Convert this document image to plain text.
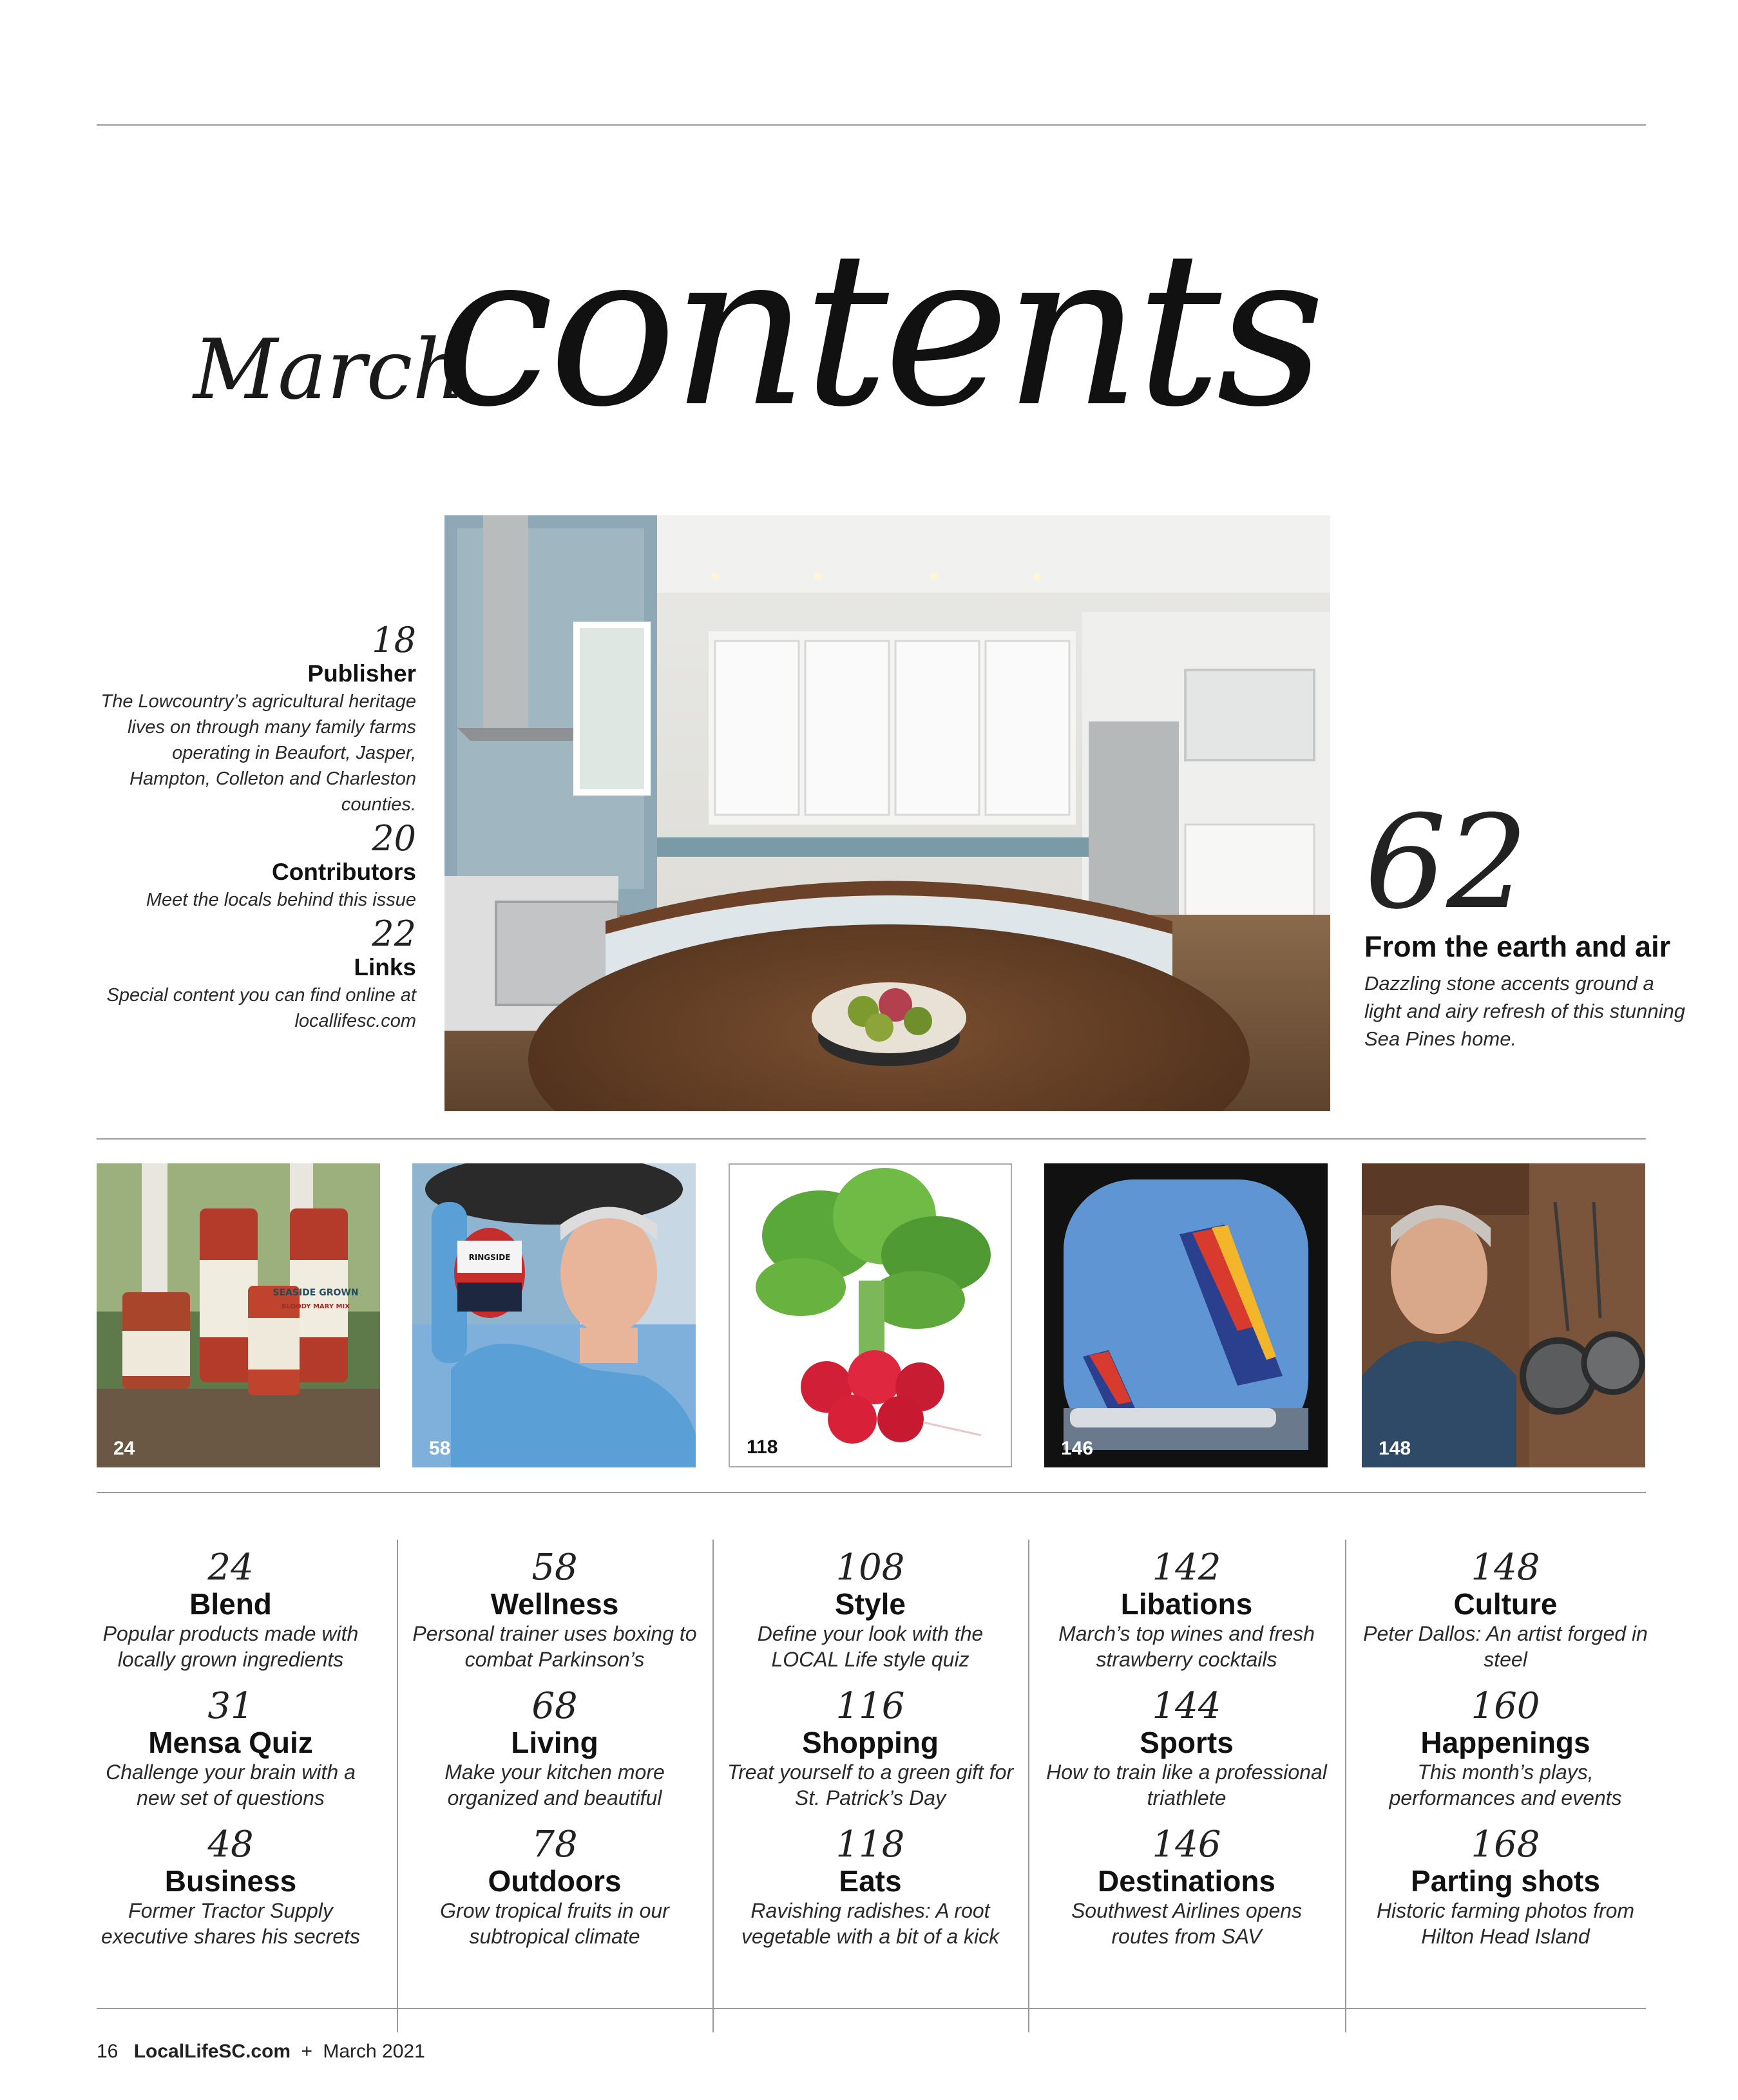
March
contents
18
Publisher
The Lowcountry’s agricultural heritage lives on through many family farms operating in Beaufort, Jasper, Hampton, Colleton and Charleston counties.
20
Contributors
Meet the locals behind this issue
22
Links
Special content you can find online at locallifesc.com
62
From the earth and air
Dazzling stone accents ground a light and airy refresh of this stunning Sea Pines home.
SEASIDE GROWN
BLOODY MARY MIX
24
RINGSIDE
58	118	146	148
24
Blend
Popular products made with locally grown ingredients
31
Mensa Quiz
Challenge your brain with a new set of questions
48
Business
Former Tractor Supply executive shares his secrets
58
Wellness
Personal trainer uses boxing to combat Parkinson’s
68
Living
Make your kitchen more organized and beautiful
78
Outdoors
Grow tropical fruits in our subtropical climate
108
Style
Define your look with the LOCAL Life style quiz
116
Shopping
Treat yourself to a green gift for St. Patrick’s Day
118
Eats
Ravishing radishes: A root vegetable with a bit of a kick
142
Libations
March’s top wines and fresh strawberry cocktails
144
Sports
How to train like a professional triathlete
146
Destinations
Southwest Airlines opens routes from SAV
148
Culture
Peter Dallos: An artist forged in steel
160
Happenings
This month’s plays, performances and events
168
Parting shots
Historic farming photos from Hilton Head Island
16 LocalLifeSC.com + March 2021
